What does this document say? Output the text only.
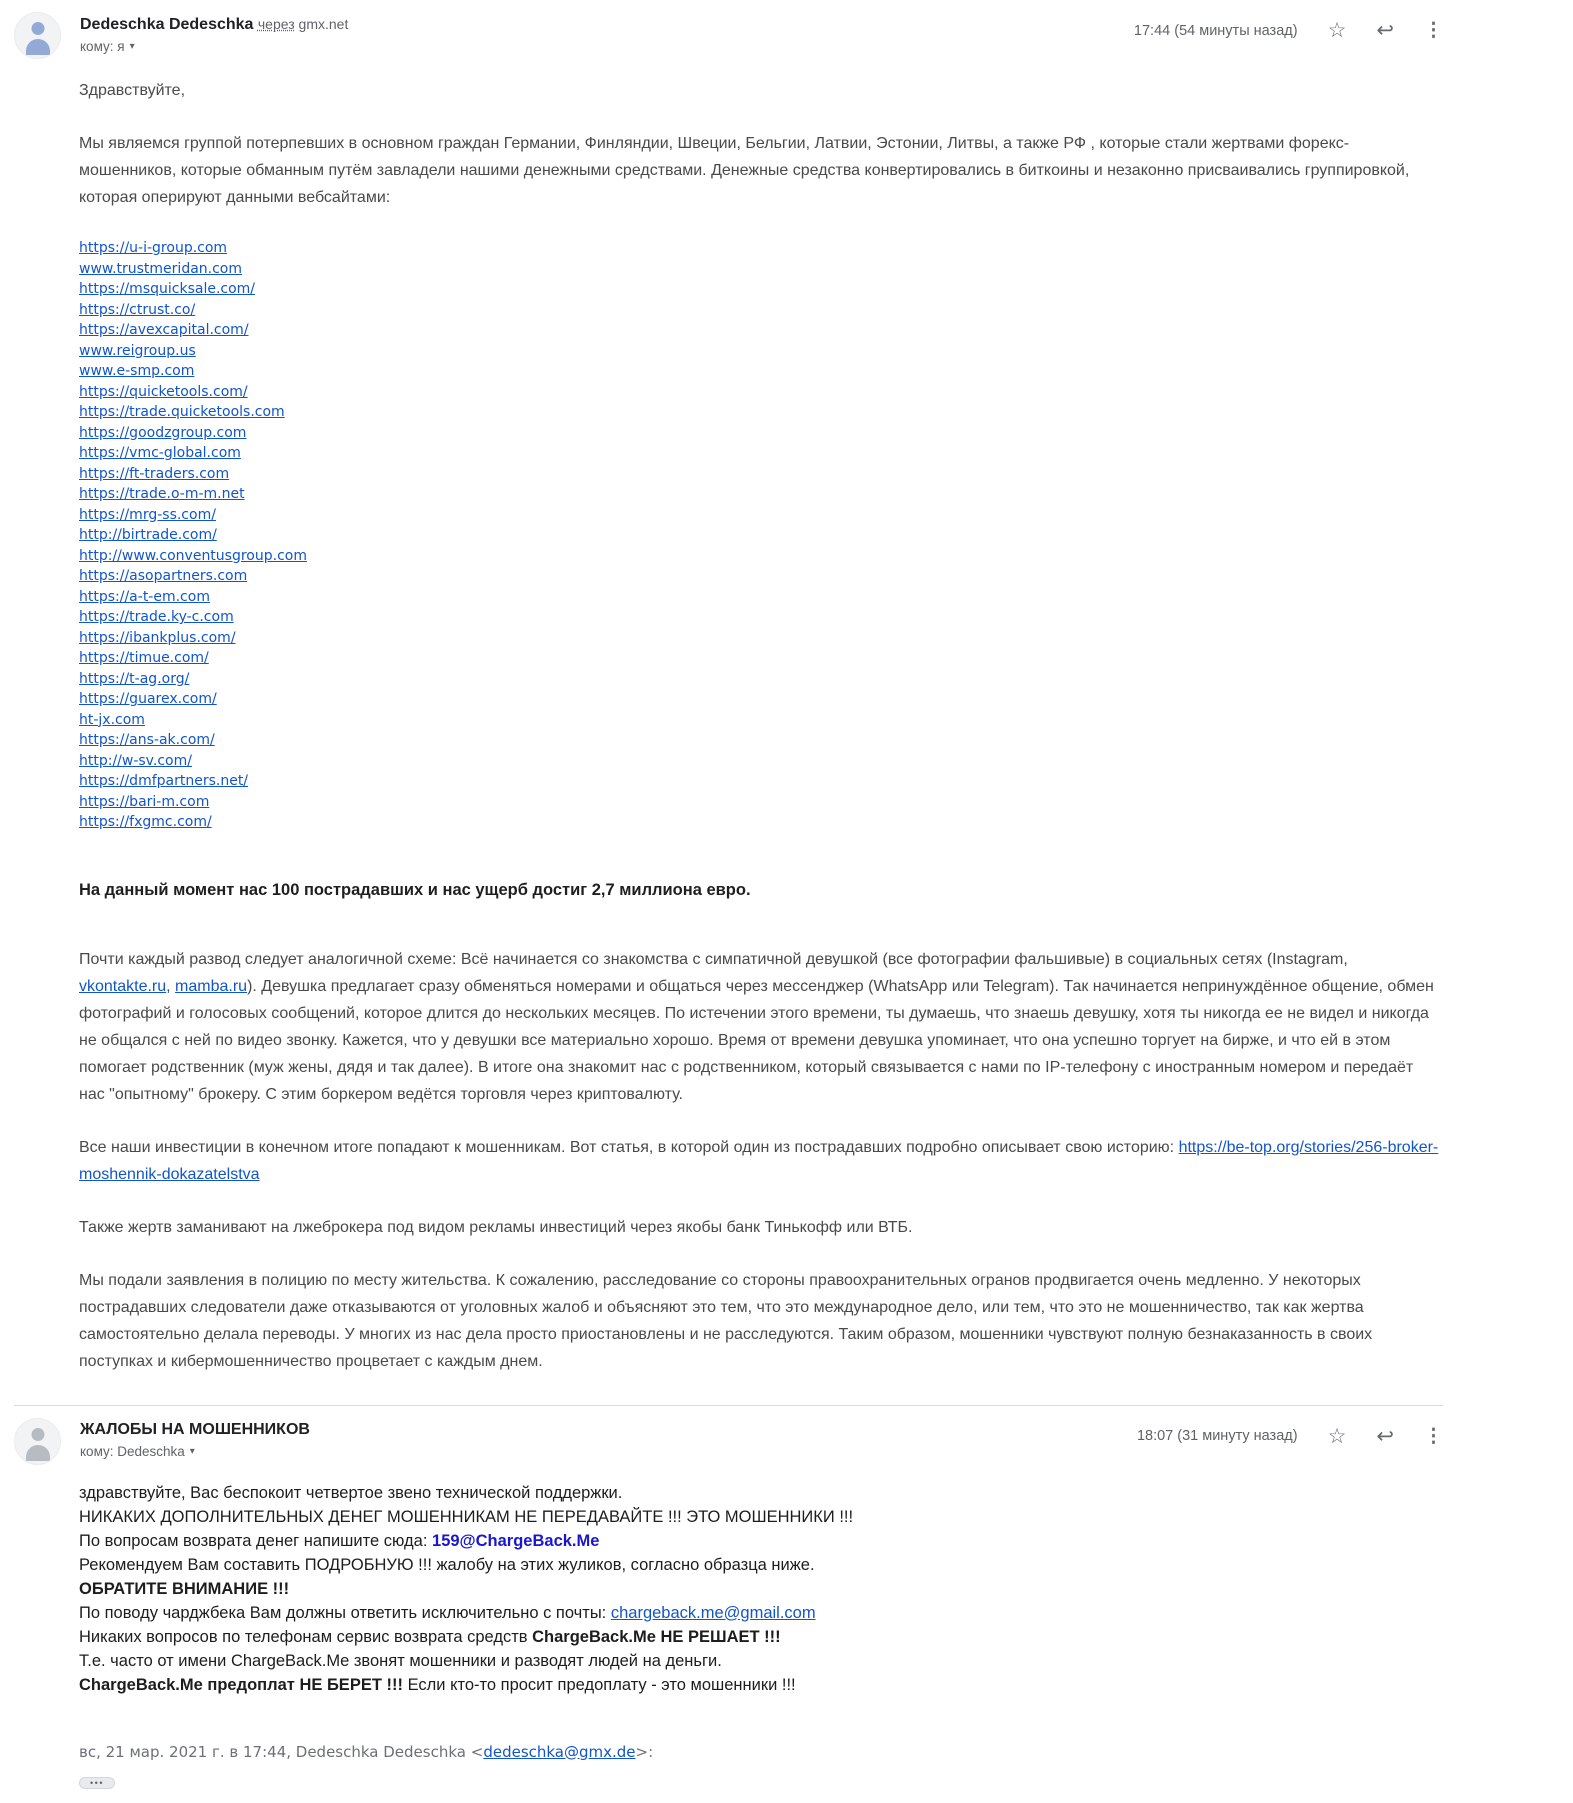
Dedeschka Dedeschka через gmx.net
кому: я ▾
17:44 (54 минуты назад) ☆ ↩ ⋮
Здравствуйте,
Мы являемся группой потерпевших в основном граждан Германии, Финляндии, Швеции, Бельгии, Латвии, Эстонии, Литвы, а также РФ , которые стали жертвами форекс-мошенников, которые обманным путём завладели нашими денежными средствами. Денежные средства конвертировались в биткоины и незаконно присваивались группировкой, которая оперируют данными вебсайтами:
https://u-i-group.com
www.trustmeridan.com
https://msquicksale.com/
https://ctrust.co/
https://avexcapital.com/
www.reigroup.us
www.e-smp.com
https://quicketools.com/
https://trade.quicketools.com
https://goodzgroup.com
https://vmc-global.com
https://ft-traders.com
https://trade.o-m-m.net
https://mrg-ss.com/
http://birtrade.com/
http://www.conventusgroup.com
https://asopartners.com
https://a-t-em.com
https://trade.ky-c.com
https://ibankplus.com/
https://timue.com/
https://t-ag.org/
https://guarex.com/
ht-jx.com
https://ans-ak.com/
http://w-sv.com/
https://dmfpartners.net/
https://bari-m.com
https://fxgmc.com/
На данный момент нас 100 пострадавших и нас ущерб достиг 2,7 миллиона евро.
Почти каждый развод следует аналогичной схеме: Всё начинается со знакомства с симпатичной девушкой (все фотографии фальшивые) в социальных сетях (Instagram, vkontakte.ru, mamba.ru). Девушка предлагает сразу обменяться номерами и общаться через мессенджер (WhatsApp или Telegram). Так начинается непринуждённое общение, обмен фотографий и голосовых сообщений, которое длится до нескольких месяцев. По истечении этого времени, ты думаешь, что знаешь девушку, хотя ты никогда ее не видел и никогда не общался с ней по видео звонку. Кажется, что у девушки все материально хорошо. Время от времени девушка упоминает, что она успешно торгует на бирже, и что ей в этом помогает родственник (муж жены, дядя и так далее). В итоге она знакомит нас с родственником, который связывается с нами по IP-телефону с иностранным номером и передаёт нас "опытному" брокеру. С этим боркером ведётся торговля через криптовалюту.
Все наши инвестиции в конечном итоге попадают к мошенникам. Вот статья, в которой один из пострадавших подробно описывает свою историю: https://be-top.org/stories/256-broker-moshennik-dokazatelstva
Также жертв заманивают на лжеброкера под видом рекламы инвестиций через якобы банк Тинькофф или ВТБ.
Мы подали заявления в полицию по месту жительства. К сожалению, расследование со стороны правоохранительных огранов продвигается очень медленно. У некоторых пострадавших следователи даже отказываются от уголовных жалоб и объясняют это тем, что это международное дело, или тем, что это не мошенничество, так как жертва самостоятельно делала переводы. У многих из нас дела просто приостановлены и не расследуются. Таким образом, мошенники чувствуют полную безнаказанность в своих поступках и кибермошенничество процветает с каждым днем.
ЖАЛОБЫ НА МОШЕННИКОВ
кому: Dedeschka ▾
18:07 (31 минуту назад) ☆ ↩ ⋮
здравствуйте, Вас беспокоит четвертое звено технической поддержки.
НИКАКИХ ДОПОЛНИТЕЛЬНЫХ ДЕНЕГ МОШЕННИКАМ НЕ ПЕРЕДАВАЙТЕ !!! ЭТО МОШЕННИКИ !!!
По вопросам возврата денег напишите сюда: 159@ChargeBack.Me
Рекомендуем Вам составить ПОДРОБНУЮ !!! жалобу на этих жуликов, согласно образца ниже.
ОБРАТИТЕ ВНИМАНИЕ !!!
По поводу чарджбека Вам должны ответить исключительно с почты: chargeback.me@gmail.com
Никаких вопросов по телефонам сервис возврата средств ChargeBack.Me НЕ РЕШАЕТ !!!
Т.е. часто от имени ChargeBack.Me звонят мошенники и разводят людей на деньги.
ChargeBack.Me предоплат НЕ БЕРЕТ !!! Если кто-то просит предоплату - это мошенники !!!
вс, 21 мар. 2021 г. в 17:44, Dedeschka Dedeschka <dedeschka@gmx.de>:
•••
